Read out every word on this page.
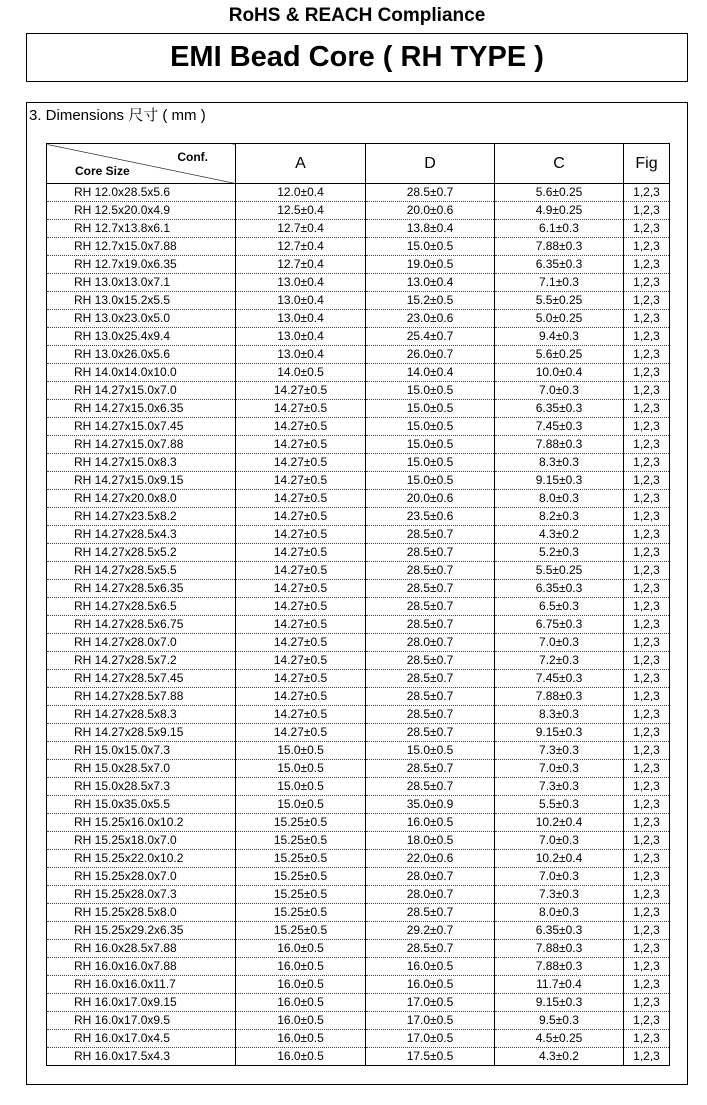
RoHS & REACH Compliance
EMI Bead Core ( RH TYPE )
3. Dimensions 尺寸 ( mm )
Conf.
Core Size	A	D	C	Fig
RH 12.0x28.5x5.6	12.0±0.4	28.5±0.7	5.6±0.25	1,2,3
RH 12.5x20.0x4.9	12.5±0.4	20.0±0.6	4.9±0.25	1,2,3
RH 12.7x13.8x6.1	12.7±0.4	13.8±0.4	6.1±0.3	1,2,3
RH 12.7x15.0x7.88	12.7±0.4	15.0±0.5	7.88±0.3	1,2,3
RH 12.7x19.0x6.35	12.7±0.4	19.0±0.5	6.35±0.3	1,2,3
RH 13.0x13.0x7.1	13.0±0.4	13.0±0.4	7.1±0.3	1,2,3
RH 13.0x15.2x5.5	13.0±0.4	15.2±0.5	5.5±0.25	1,2,3
RH 13.0x23.0x5.0	13.0±0.4	23.0±0.6	5.0±0.25	1,2,3
RH 13.0x25.4x9.4	13.0±0.4	25.4±0.7	9.4±0.3	1,2,3
RH 13.0x26.0x5.6	13.0±0.4	26.0±0.7	5.6±0.25	1,2,3
RH 14.0x14.0x10.0	14.0±0.5	14.0±0.4	10.0±0.4	1,2,3
RH 14.27x15.0x7.0	14.27±0.5	15.0±0.5	7.0±0.3	1,2,3
RH 14.27x15.0x6.35	14.27±0.5	15.0±0.5	6.35±0.3	1,2,3
RH 14.27x15.0x7.45	14.27±0.5	15.0±0.5	7.45±0.3	1,2,3
RH 14.27x15.0x7.88	14.27±0.5	15.0±0.5	7.88±0.3	1,2,3
RH 14.27x15.0x8.3	14.27±0.5	15.0±0.5	8.3±0.3	1,2,3
RH 14.27x15.0x9.15	14.27±0.5	15.0±0.5	9.15±0.3	1,2,3
RH 14.27x20.0x8.0	14.27±0.5	20.0±0.6	8.0±0.3	1,2,3
RH 14.27x23.5x8.2	14.27±0.5	23.5±0.6	8.2±0.3	1,2,3
RH 14.27x28.5x4.3	14.27±0.5	28.5±0.7	4.3±0.2	1,2,3
RH 14.27x28.5x5.2	14.27±0.5	28.5±0.7	5.2±0.3	1,2,3
RH 14.27x28.5x5.5	14.27±0.5	28.5±0.7	5.5±0.25	1,2,3
RH 14.27x28.5x6.35	14.27±0.5	28.5±0.7	6.35±0.3	1,2,3
RH 14.27x28.5x6.5	14.27±0.5	28.5±0.7	6.5±0.3	1,2,3
RH 14.27x28.5x6.75	14.27±0.5	28.5±0.7	6.75±0.3	1,2,3
RH 14.27x28.0x7.0	14.27±0.5	28.0±0.7	7.0±0.3	1,2,3
RH 14.27x28.5x7.2	14.27±0.5	28.5±0.7	7.2±0.3	1,2,3
RH 14.27x28.5x7.45	14.27±0.5	28.5±0.7	7.45±0.3	1,2,3
RH 14.27x28.5x7.88	14.27±0.5	28.5±0.7	7.88±0.3	1,2,3
RH 14.27x28.5x8.3	14.27±0.5	28.5±0.7	8.3±0.3	1,2,3
RH 14.27x28.5x9.15	14.27±0.5	28.5±0.7	9.15±0.3	1,2,3
RH 15.0x15.0x7.3	15.0±0.5	15.0±0.5	7.3±0.3	1,2,3
RH 15.0x28.5x7.0	15.0±0.5	28.5±0.7	7.0±0.3	1,2,3
RH 15.0x28.5x7.3	15.0±0.5	28.5±0.7	7.3±0.3	1,2,3
RH 15.0x35.0x5.5	15.0±0.5	35.0±0.9	5.5±0.3	1,2,3
RH 15.25x16.0x10.2	15.25±0.5	16.0±0.5	10.2±0.4	1,2,3
RH 15.25x18.0x7.0	15.25±0.5	18.0±0.5	7.0±0.3	1,2,3
RH 15.25x22.0x10.2	15.25±0.5	22.0±0.6	10.2±0.4	1,2,3
RH 15.25x28.0x7.0	15.25±0.5	28.0±0.7	7.0±0.3	1,2,3
RH 15.25x28.0x7.3	15.25±0.5	28.0±0.7	7.3±0.3	1,2,3
RH 15.25x28.5x8.0	15.25±0.5	28.5±0.7	8.0±0.3	1,2,3
RH 15.25x29.2x6.35	15.25±0.5	29.2±0.7	6.35±0.3	1,2,3
RH 16.0x28.5x7.88	16.0±0.5	28.5±0.7	7.88±0.3	1,2,3
RH 16.0x16.0x7.88	16.0±0.5	16.0±0.5	7.88±0.3	1,2,3
RH 16.0x16.0x11.7	16.0±0.5	16.0±0.5	11.7±0.4	1,2,3
RH 16.0x17.0x9.15	16.0±0.5	17.0±0.5	9.15±0.3	1,2,3
RH 16.0x17.0x9.5	16.0±0.5	17.0±0.5	9.5±0.3	1,2,3
RH 16.0x17.0x4.5	16.0±0.5	17.0±0.5	4.5±0.25	1,2,3
RH 16.0x17.5x4.3	16.0±0.5	17.5±0.5	4.3±0.2	1,2,3
